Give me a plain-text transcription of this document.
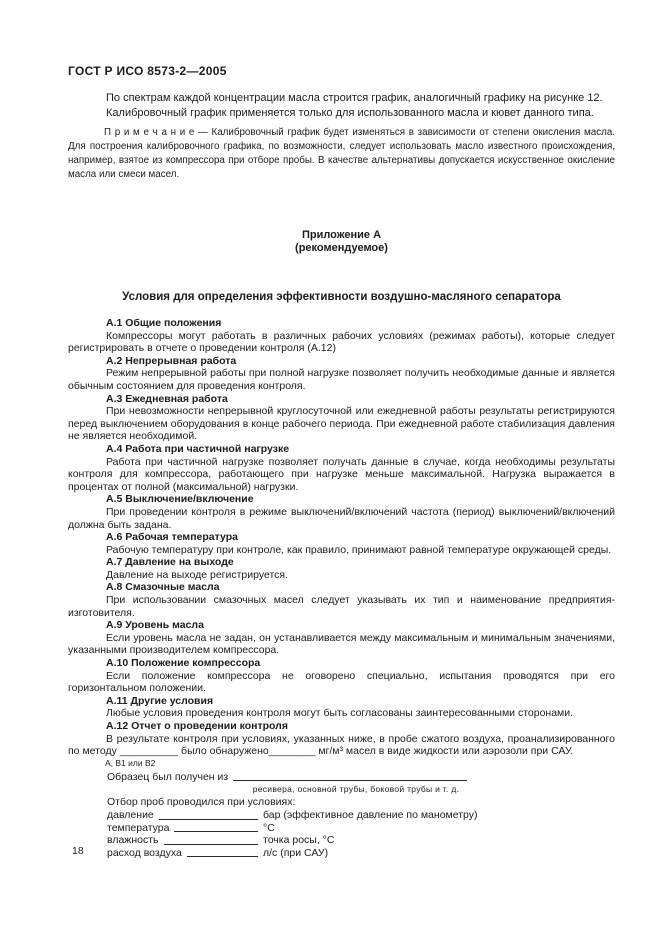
ГОСТ Р ИСО 8573-2—2005

По спектрам каждой концентрации масла строится график, аналогичный графику на рисунке 12.

Калибровочный график применяется только для использованного масла и кювет данного типа.

П р и м е ч а н и е — Калибровочный график будет изменяться в зависимости от степени окисления масла. Для построения калибровочного графика, по возможности, следует использовать масло известного происхождения, например, взятое из компрессора при отборе пробы. В качестве альтернативы допускается искусственное окисление масла или смеси масел.
Приложение А
(рекомендуемое)
Условия для определения эффективности воздушно-масляного сепаратора
А.1 Общие положения

Компрессоры могут работать в различных рабочих условиях (режимах работы), которые следует регистрировать в отчете о проведении контроля (А.12)

А.2 Непрерывная работа

Режим непрерывной работы при полной нагрузке позволяет получить необходимые данные и является обычным состоянием для проведения контроля.

А.3 Ежедневная работа

При невозможности непрерывной круглосуточной или ежедневной работы результаты регистрируются перед выключением оборудования в конце рабочего периода. При ежедневной работе стабилизация давления не является необходимой.

А.4 Работа при частичной нагрузке

Работа при частичной нагрузке позволяет получать данные в случае, когда необходимы результаты контроля для компрессора, работающего при нагрузке меньше максимальной. Нагрузка выражается в процентах от полной (максимальной) нагрузки.

А.5 Выключение/включение

При проведении контроля в режиме выключений/включений частота (период) выключений/включений должна быть задана.

А.6 Рабочая температура

Рабочую температуру при контроле, как правило, принимают равной температуре окружающей среды.

А.7 Давление на выходе

Давление на выходе регистрируется.

А.8 Смазочные масла

При использовании смазочных масел следует указывать их тип и наименование предприятия-изготовителя.

А.9 Уровень масла

Если уровень масла не задан, он устанавливается между максимальным и минимальным значениями, указанными производителем компрессора.

А.10 Положение компрессора

Если положение компрессора не оговорено специально, испытания проводятся при его горизонтальном положении.

А.11 Другие условия

Любые условия проведения контроля могут быть согласованы заинтересованными сторонами.

А.12 Отчет о проведении контроля

В результате контроля при условиях, указанных ниже, в пробе сжатого воздуха, проанализированного по методу __________ было обнаружено________ мг/м³ масел в виде жидкости или аэрозоли при САУ.

А, В1 или В2
Образец был получен из
ресивера, основной трубы, боковой трубы и т. д.
Отбор проб проводился при условиях:
давление	бар (эффективное давление по манометру)
температура	°С
влажность	точка росы, °С
расход воздуха	л/с (при САУ)
18
